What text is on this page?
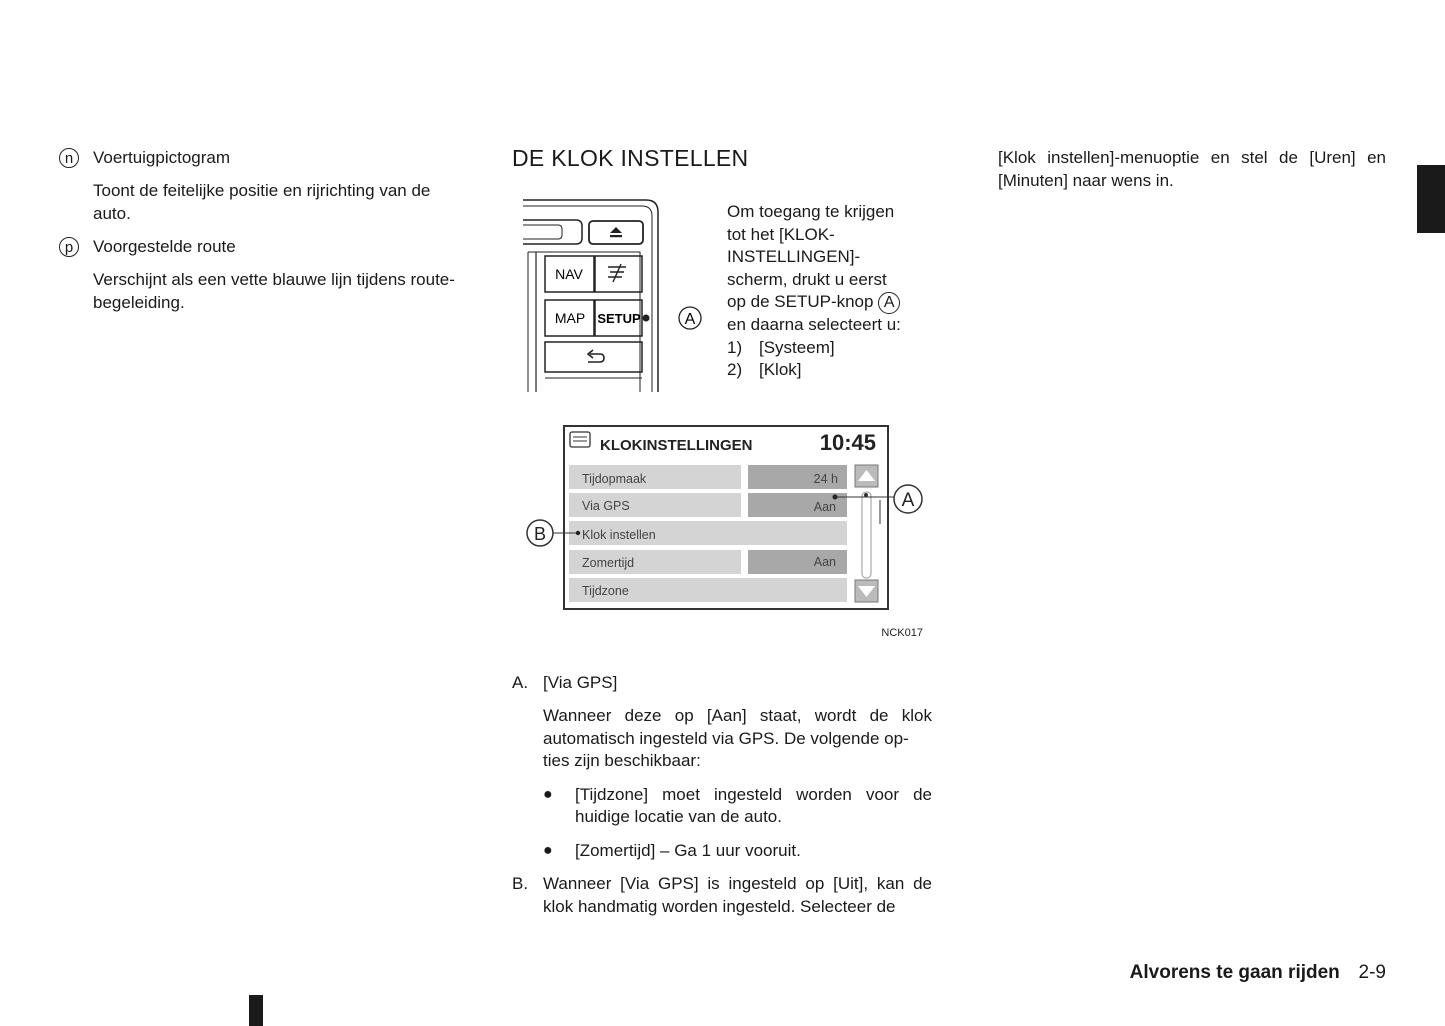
n	Voertuigpictogram
Toont de feitelijke positie en rijrichting van de auto.
p	Voorgestelde route
Verschijnt als een vette blauwe lijn tijdens route-
begeleiding.
DE KLOK INSTELLEN
A
NAV
MAP SETUP
Om toegang te krijgen
tot het [KLOK-
INSTELLINGEN]-
scherm, drukt u eerst
op de SETUP-knop A
en daarna selecteert u:
1) [Systeem]
2) [Klok]
KLOKINSTELLINGEN	10:45
Tijdopmaak	24 h
Via GPS	Aan
Klok instellen
Zomertijd	Aan
Tijdzone
A
B
NCK017
A. [Via GPS]
Wanneer deze op [Aan] staat, wordt de klok automatisch ingesteld via GPS. De volgende op-
ties zijn beschikbaar:
● [Tijdzone] moet ingesteld worden voor de huidige locatie van de auto.
● [Zomertijd] – Ga 1 uur vooruit.
B. Wanneer [Via GPS] is ingesteld op [Uit], kan de klok handmatig worden ingesteld. Selecteer de
[Klok instellen]-menuoptie en stel de [Uren] en [Minuten] naar wens in.
Alvorens te gaan rijden 2-9
